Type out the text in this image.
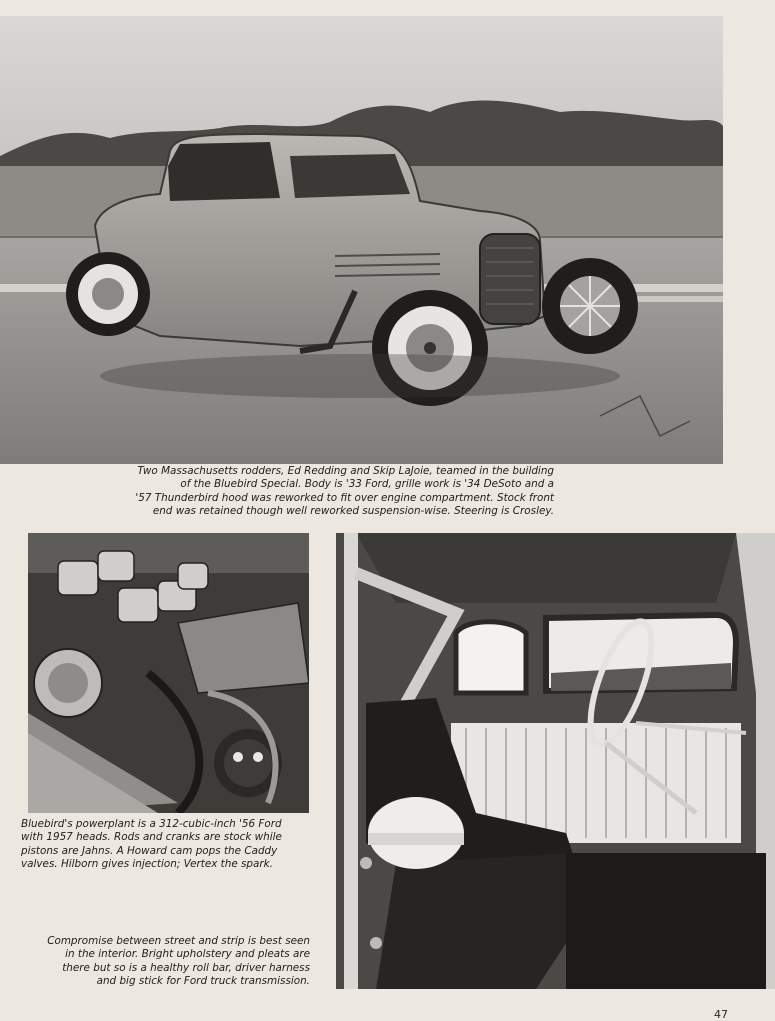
Two Massachusetts rodders, Ed Redding and Skip LaJoie, teamed in the building
of the Bluebird Special. Body is '33 Ford, grille work is '34 DeSoto and a
'57 Thunderbird hood was reworked to fit over engine compartment. Stock front
end was retained though well reworked suspension-wise. Steering is Crosley.

Bluebird's powerplant is a 312-cubic-inch '56 Ford
with 1957 heads. Rods and cranks are stock while
pistons are Jahns. A Howard cam pops the Caddy
valves. Hilborn gives injection; Vertex the spark.

Compromise between street and strip is best seen
in the interior. Bright upholstery and pleats are
there but so is a healthy roll bar, driver harness
and big stick for Ford truck transmission.

47
